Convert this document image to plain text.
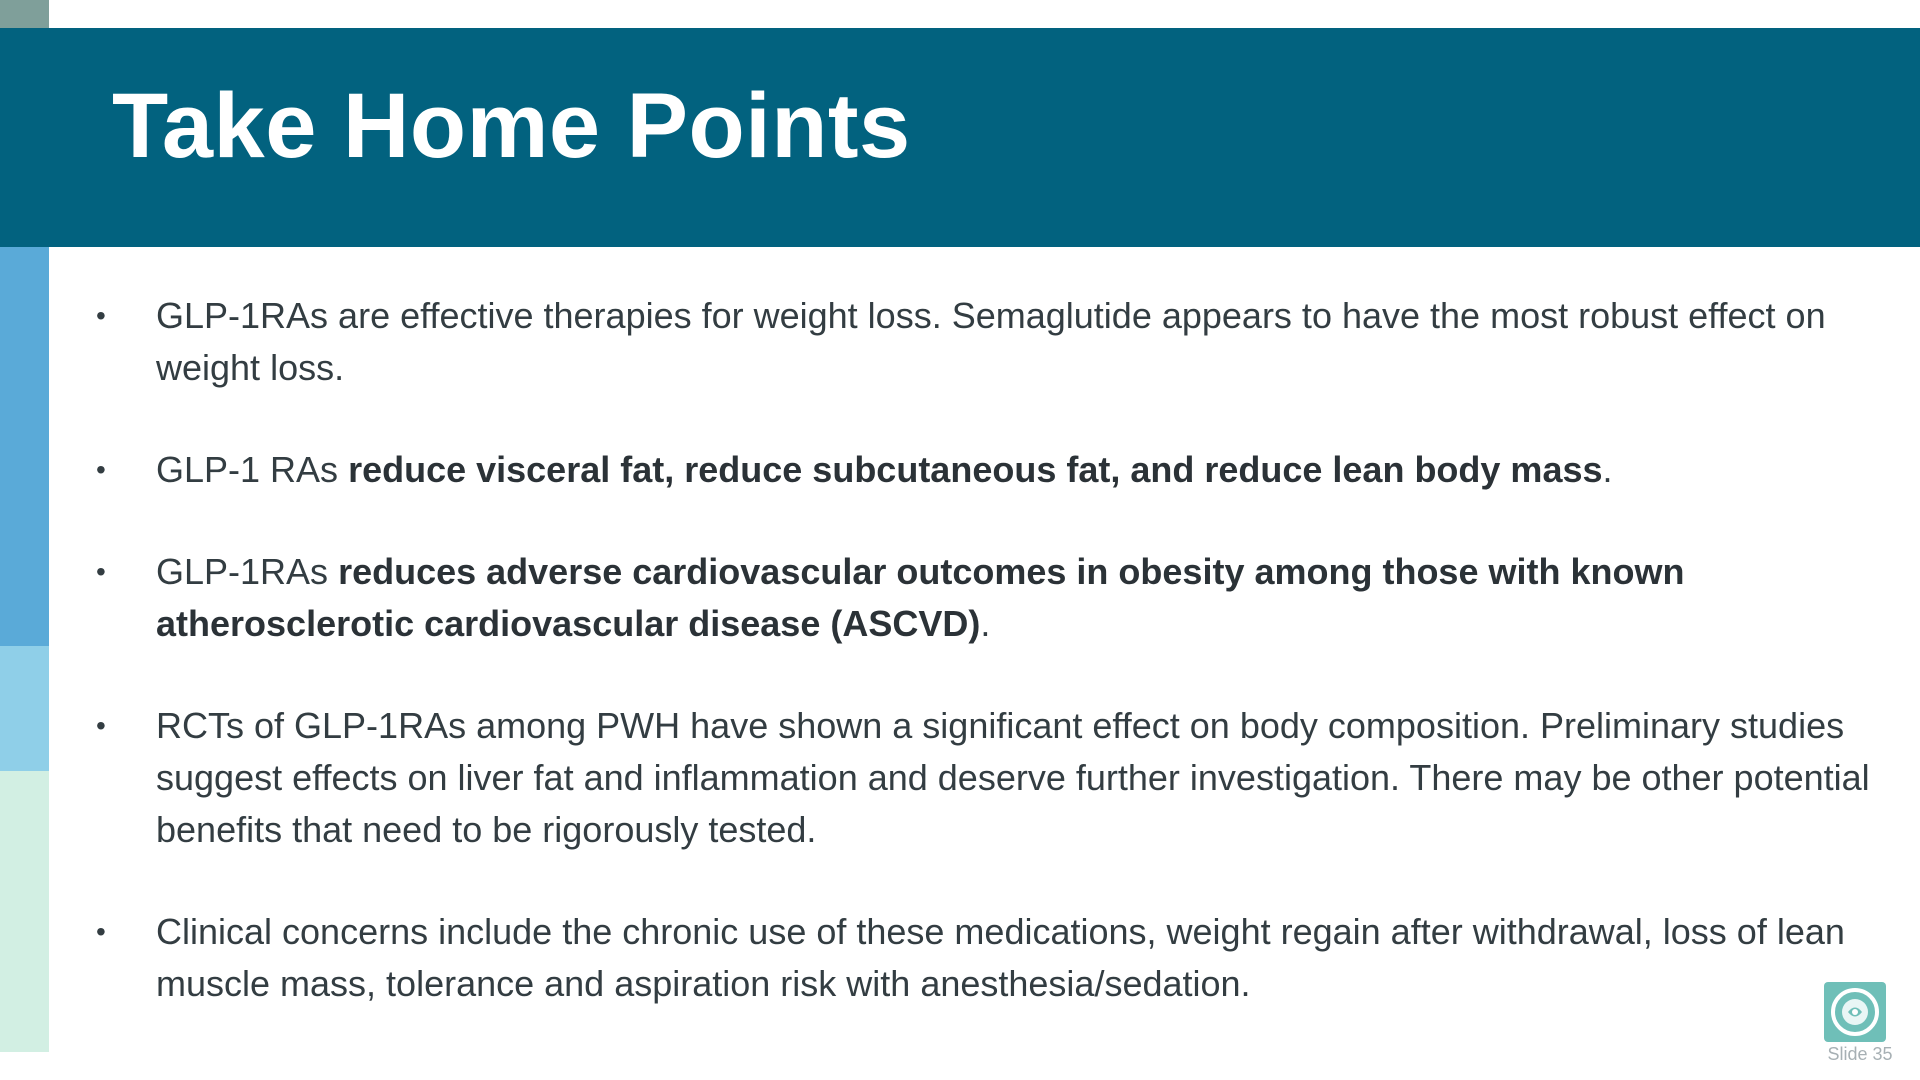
Take Home Points
• GLP-1RAs are effective therapies for weight loss. Semaglutide appears to have the most robust effect on weight loss.
• GLP-1 RAs reduce visceral fat, reduce subcutaneous fat, and reduce lean body mass.
• GLP-1RAs reduces adverse cardiovascular outcomes in obesity among those with known atherosclerotic cardiovascular disease (ASCVD).
• RCTs of GLP-1RAs among PWH have shown a significant effect on body composition. Preliminary studies suggest effects on liver fat and inflammation and deserve further investigation. There may be other potential benefits that need to be rigorously tested.
• Clinical concerns include the chronic use of these medications, weight regain after withdrawal, loss of lean muscle mass, tolerance and aspiration risk with anesthesia/sedation.
Slide 35
